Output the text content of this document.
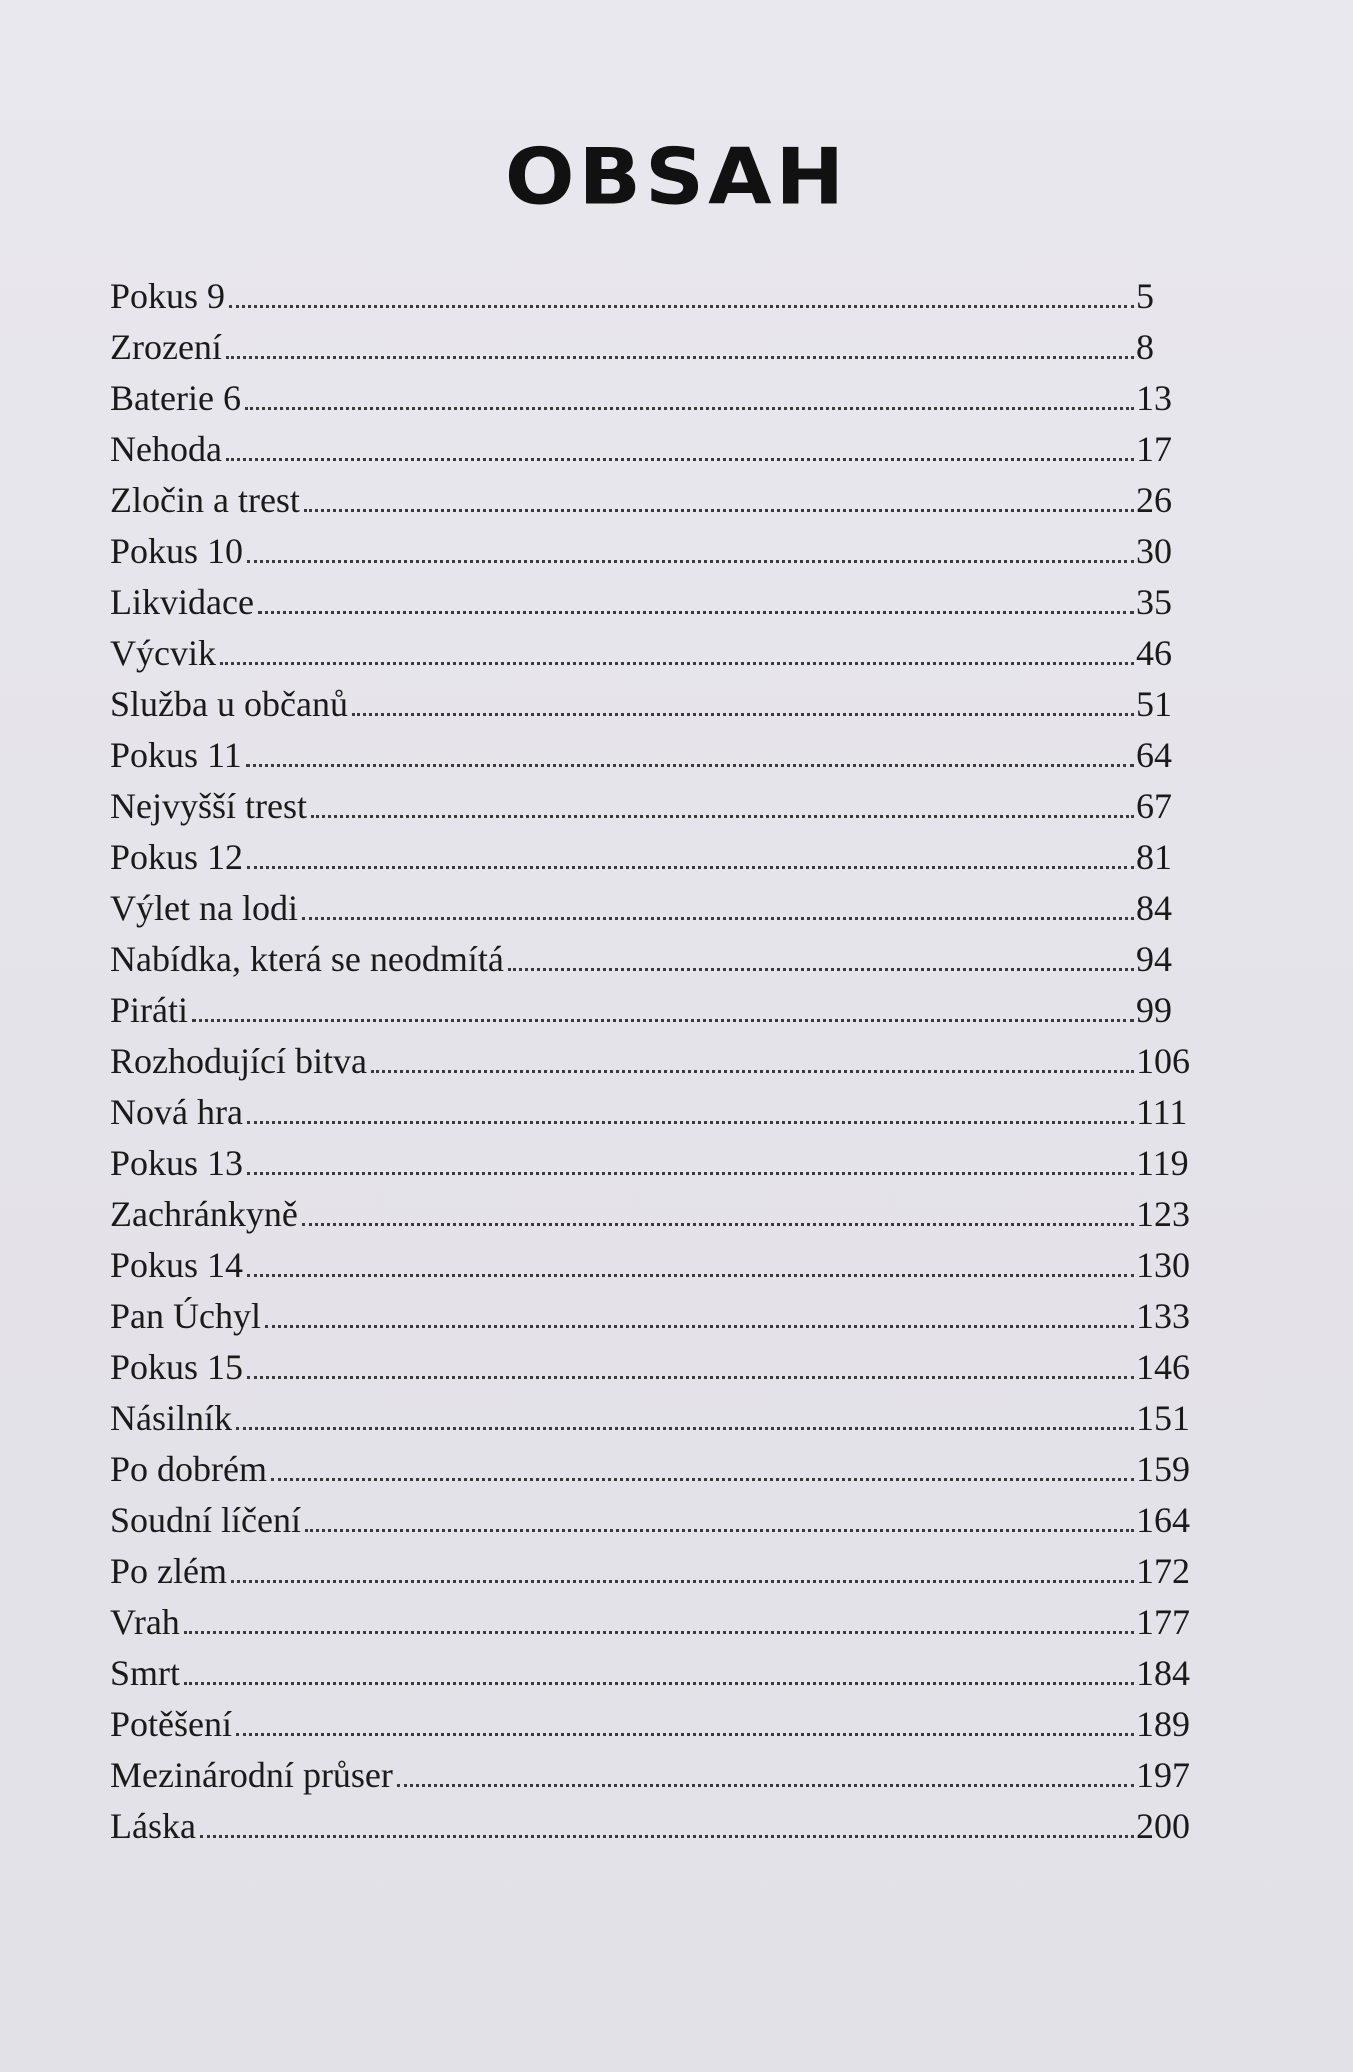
OBSAH
Pokus 9	5
Zrození	8
Baterie 6	13
Nehoda	17
Zločin a trest	26
Pokus 10	30
Likvidace	35
Výcvik	46
Služba u občanů	51
Pokus 11	64
Nejvyšší trest	67
Pokus 12	81
Výlet na lodi	84
Nabídka, která se neodmítá	94
Piráti	99
Rozhodující bitva	106
Nová hra	111
Pokus 13	119
Zachránkyně	123
Pokus 14	130
Pan Úchyl	133
Pokus 15	146
Násilník	151
Po dobrém	159
Soudní líčení	164
Po zlém	172
Vrah	177
Smrt	184
Potěšení	189
Mezinárodní průser	197
Láska	200
